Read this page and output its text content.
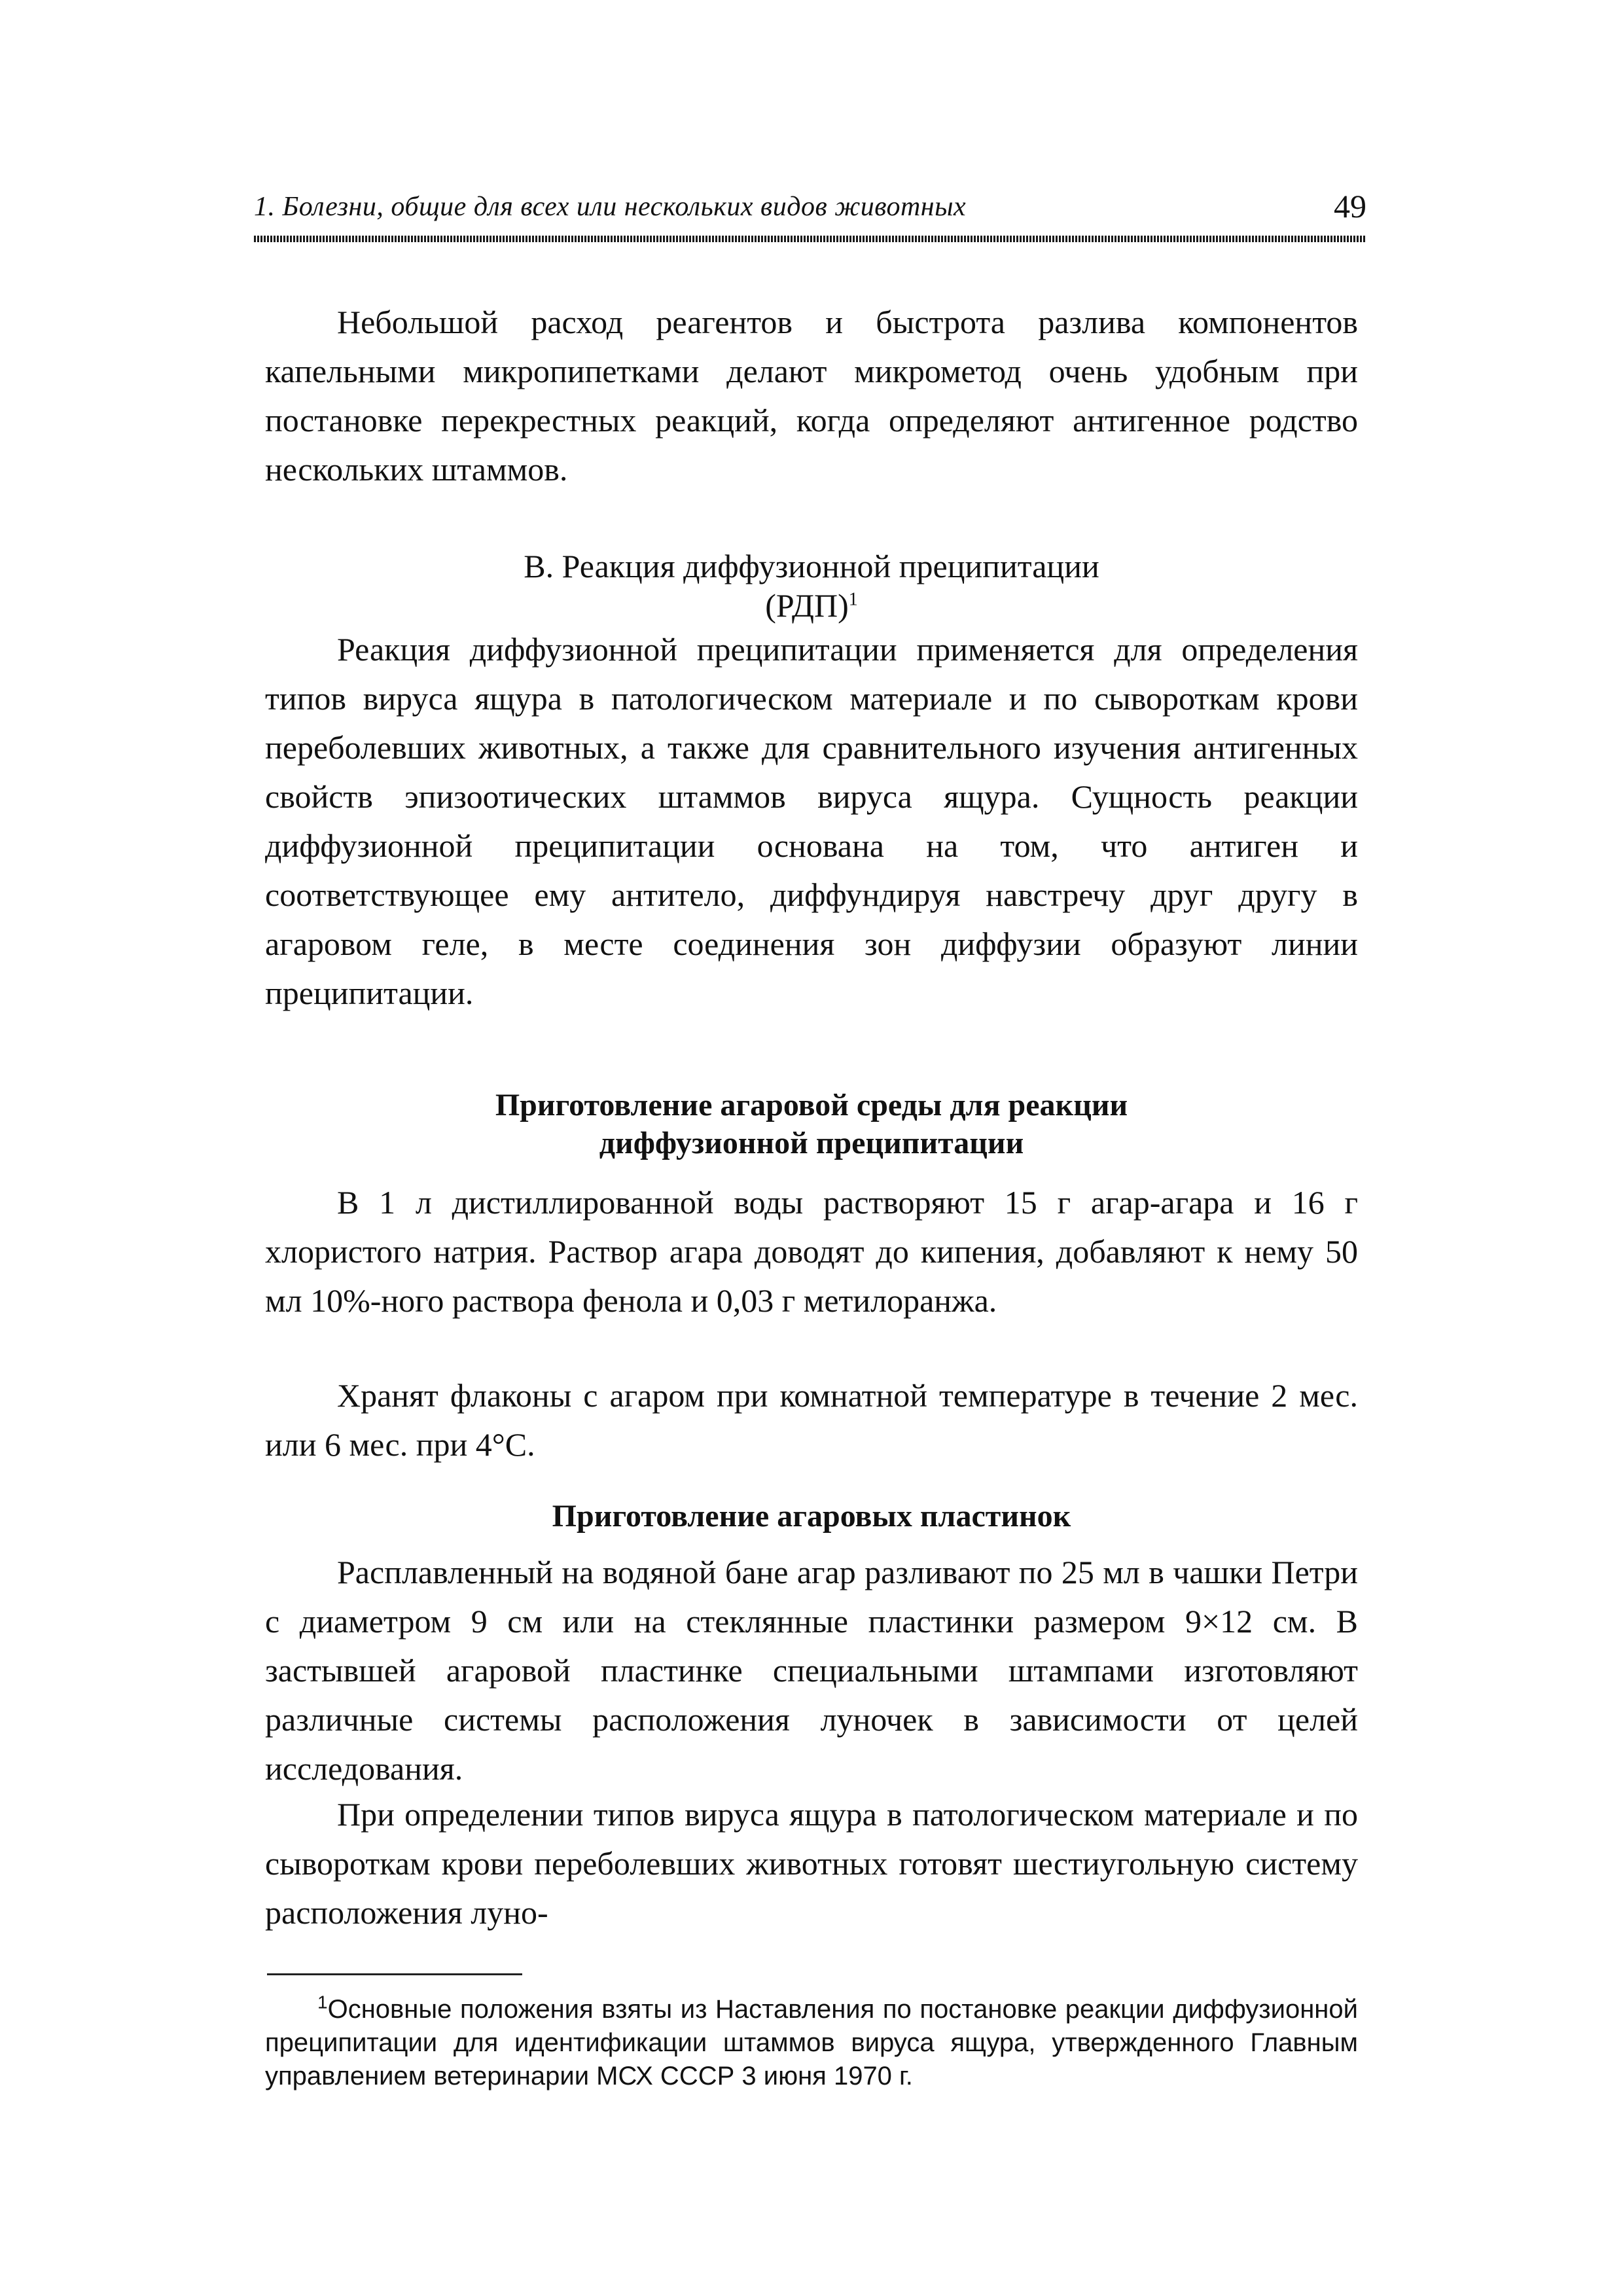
1. Болезни, общие для всех или нескольких видов животных	49

Небольшой расход реагентов и быстрота разлива компонентов капельными микропипетками делают микрометод очень удобным при постановке перекрестных реакций, когда определяют антигенное родство нескольких штаммов.

В. Реакция диффузионной преципитации
(РДП)$^1$

Реакция диффузионной преципитации применяется для определения типов вируса ящура в патологическом материале и по сывороткам крови переболевших животных, а также для сравнительного изучения антигенных свойств эпизоотических штаммов вируса ящура. Сущность реакции диффузионной преципитации основана на том, что антиген и соответствующее ему антитело, диффундируя навстречу друг другу в агаровом геле, в месте соединения зон диффузии образуют линии преципитации.

Приготовление агаровой среды для реакции
диффузионной преципитации

В 1 л дистиллированной воды растворяют 15 г агар-агара и 16 г хлористого натрия. Раствор агара доводят до кипения, добавляют к нему 50 мл 10%-ного раствора фенола и 0,03 г метилоранжа.

Хранят флаконы с агаром при комнатной температуре в течение 2 мес. или 6 мес. при 4°С.

Приготовление агаровых пластинок

Расплавленный на водяной бане агар разливают по 25 мл в чашки Петри с диаметром 9 см или на стеклянные пластинки размером 9×12 см. В застывшей агаровой пластинке специальными штампами изготовляют различные системы расположения луночек в зависимости от целей исследования.

При определении типов вируса ящура в патологическом материале и по сывороткам крови переболевших животных готовят шестиугольную систему расположения луно-

$^1$Основные положения взяты из Наставления по постановке реакции диффузионной преципитации для идентификации штаммов вируса ящура, утвержденного Главным управлением ветеринарии МСХ СССР 3 июня 1970 г.
